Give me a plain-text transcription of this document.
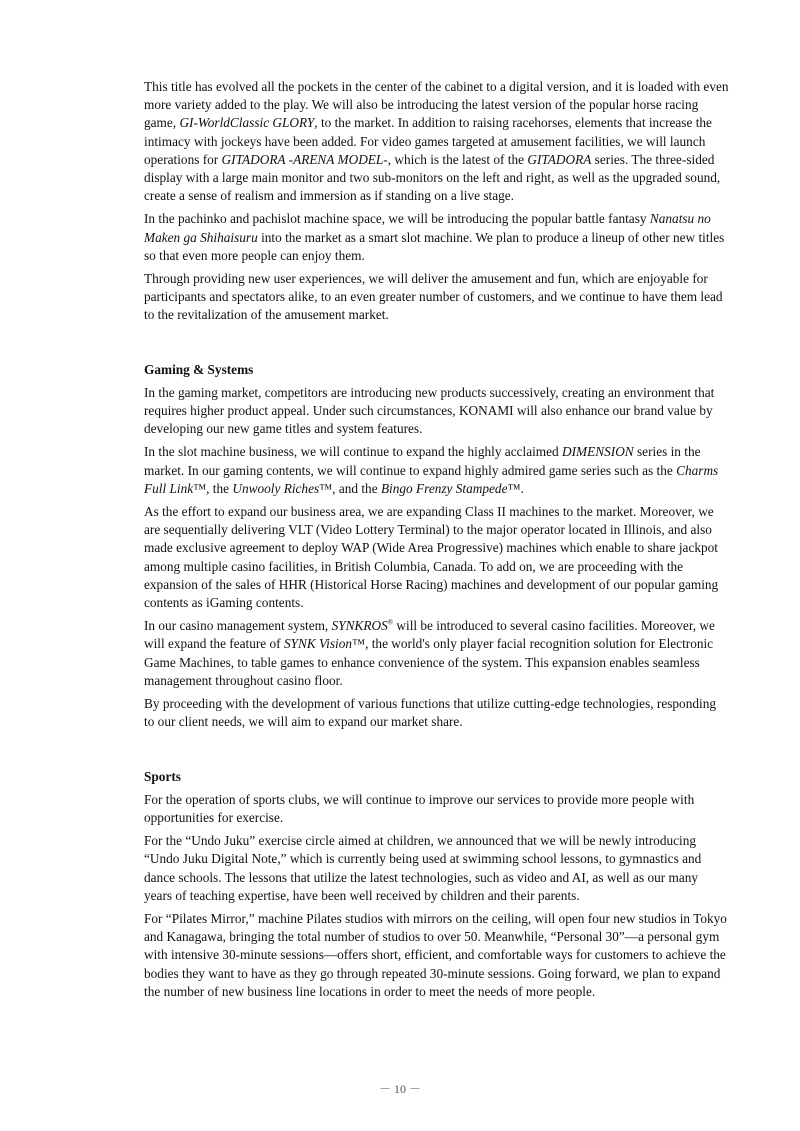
This title has evolved all the pockets in the center of the cabinet to a digital version, and it is loaded with even more variety added to the play. We will also be introducing the latest version of the popular horse racing game, GI-WorldClassic GLORY, to the market. In addition to raising racehorses, elements that increase the intimacy with jockeys have been added. For video games targeted at amusement facilities, we will launch operations for GITADORA -ARENA MODEL-, which is the latest of the GITADORA series. The three-sided display with a large main monitor and two sub-monitors on the left and right, as well as the upgraded sound, create a sense of realism and immersion as if standing on a live stage.

In the pachinko and pachislot machine space, we will be introducing the popular battle fantasy Nanatsu no Maken ga Shihaisuru into the market as a smart slot machine. We plan to produce a lineup of other new titles so that even more people can enjoy them.

Through providing new user experiences, we will deliver the amusement and fun, which are enjoyable for participants and spectators alike, to an even greater number of customers, and we continue to have them lead to the revitalization of the amusement market.

Gaming & Systems

In the gaming market, competitors are introducing new products successively, creating an environment that requires higher product appeal. Under such circumstances, KONAMI will also enhance our brand value by developing our new game titles and system features.

In the slot machine business, we will continue to expand the highly acclaimed DIMENSION series in the market. In our gaming contents, we will continue to expand highly admired game series such as the Charms Full Link™, the Unwooly Riches™, and the Bingo Frenzy Stampede™.

As the effort to expand our business area, we are expanding Class II machines to the market. Moreover, we are sequentially delivering VLT (Video Lottery Terminal) to the major operator located in Illinois, and also made exclusive agreement to deploy WAP (Wide Area Progressive) machines which enable to share jackpot among multiple casino facilities, in British Columbia, Canada. To add on, we are proceeding with the expansion of the sales of HHR (Historical Horse Racing) machines and development of our popular gaming contents as iGaming contents.

In our casino management system, SYNKROS® will be introduced to several casino facilities. Moreover, we will expand the feature of SYNK Vision™, the world's only player facial recognition solution for Electronic Game Machines, to table games to enhance convenience of the system. This expansion enables seamless management throughout casino floor.

By proceeding with the development of various functions that utilize cutting-edge technologies, responding to our client needs, we will aim to expand our market share.

Sports

For the operation of sports clubs, we will continue to improve our services to provide more people with opportunities for exercise.

For the “Undo Juku” exercise circle aimed at children, we announced that we will be newly introducing “Undo Juku Digital Note,” which is currently being used at swimming school lessons, to gymnastics and dance schools. The lessons that utilize the latest technologies, such as video and AI, as well as our many years of teaching expertise, have been well received by children and their parents.

For “Pilates Mirror,” machine Pilates studios with mirrors on the ceiling, will open four new studios in Tokyo and Kanagawa, bringing the total number of studios to over 50. Meanwhile, “Personal 30”—a personal gym with intensive 30-minute sessions—offers short, efficient, and comfortable ways for customers to achieve the bodies they want to have as they go through repeated 30-minute sessions. Going forward, we plan to expand the number of new business line locations in order to meet the needs of more people.

－ 10 －
